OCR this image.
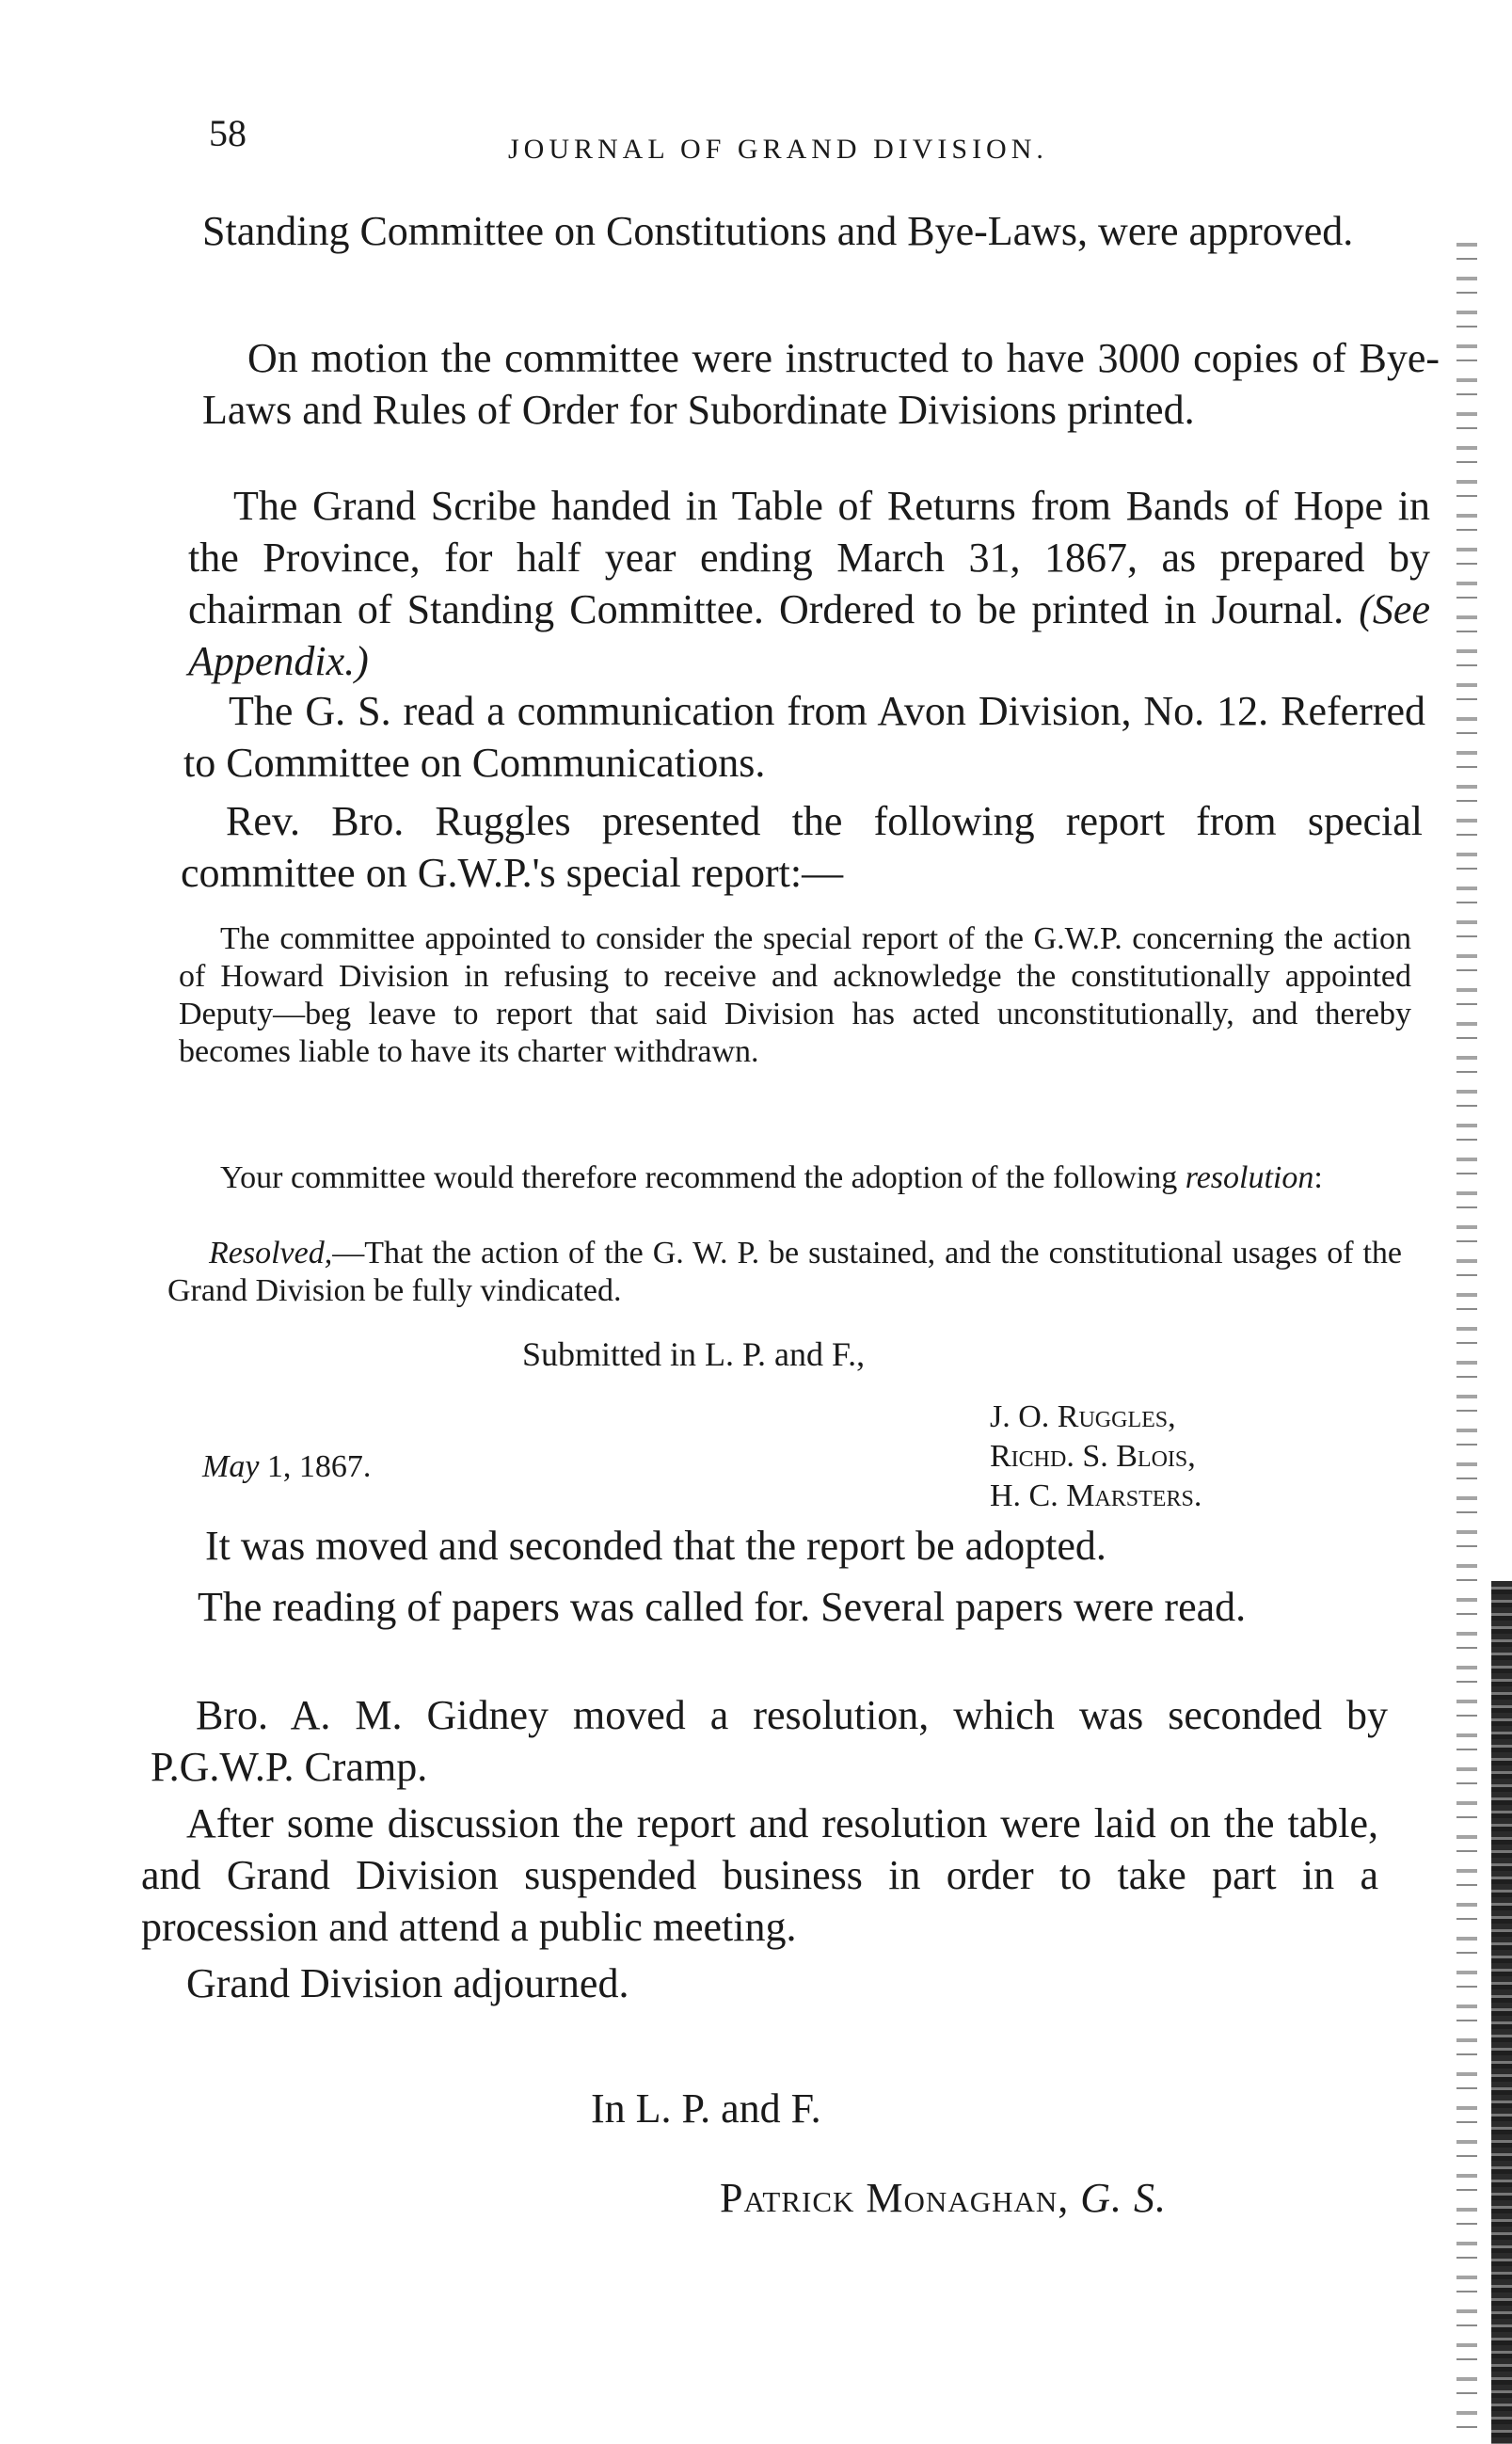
58	JOURNAL OF GRAND DIVISION.
Standing Committee on Constitutions and Bye-Laws, were approved.
On motion the committee were instructed to have 3000 copies of Bye-Laws and Rules of Order for Subordinate Divisions printed.
The Grand Scribe handed in Table of Returns from Bands of Hope in the Province, for half year ending March 31, 1867, as prepared by chairman of Standing Committee. Ordered to be printed in Journal. (See Appendix.)
The G. S. read a communication from Avon Division, No. 12. Referred to Committee on Communications.
Rev. Bro. Ruggles presented the following report from special committee on G.W.P.'s special report:—
The committee appointed to consider the special report of the G.W.P. concerning the action of Howard Division in refusing to receive and acknowledge the constitutionally appointed Deputy—beg leave to report that said Division has acted unconstitutionally, and thereby becomes liable to have its charter withdrawn.
Your committee would therefore recommend the adoption of the following resolution:
Resolved,—That the action of the G. W. P. be sustained, and the constitutional usages of the Grand Division be fully vindicated.
Submitted in L. P. and F.,
J. O. Ruggles,
Richd. S. Blois,
H. C. Marsters.
May 1, 1867.
It was moved and seconded that the report be adopted.
The reading of papers was called for. Several papers were read.
Bro. A. M. Gidney moved a resolution, which was seconded by P.G.W.P. Cramp.
After some discussion the report and resolution were laid on the table, and Grand Division suspended business in order to take part in a procession and attend a public meeting.
Grand Division adjourned.
In L. P. and F.
Patrick Monaghan, G. S.
